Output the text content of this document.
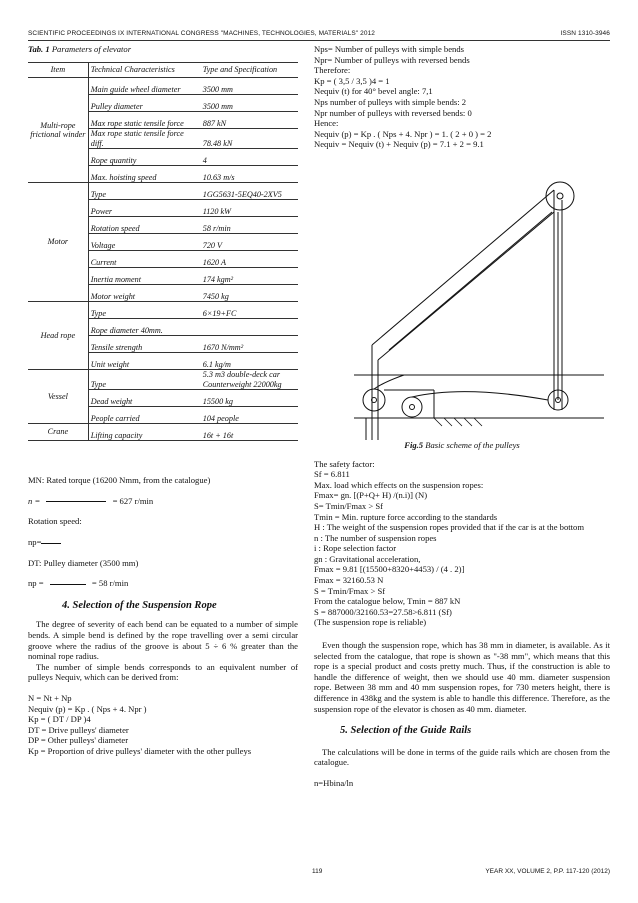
SCIENTIFIC PROCEEDINGS IX INTERNATIONAL CONGRESS "MACHINES, TECHNOLOGIES, MATERIALS" 2012	ISSN 1310-3946
Tab. 1 Parameters of elevator
Item	Technical Characteristics	Type and Specification
Multi-rope frictional winder	Main guide wheel diameter	3500 mm
	Pulley diameter	3500 mm
	Max rope static tensile force	887 kN
	Max rope static tensile force diff.	78.48 kN
	Rope quantity	4
	Max. hoisting speed	10.63 m/s
Motor	Type	1GG5631-5EQ40-2XV5
	Power	1120 kW
	Rotation speed	58 r/min
	Voltage	720 V
	Current	1620 A
	Inertia moment	174 kgm²
	Motor weight	7450 kg
Head rope	Type	6×19+FC
	Rope diameter 40mm.	
	Tensile strength	1670 N/mm²
	Unit weight	6.1 kg/m
Vessel	Type	5.3 m3 double-deck car Counterweight 22000kg
	Dead weight	15500 kg
	People carried	104 people
Crane	Lifting capacity	16t + 16t

MN: Rated torque (16200 Nmm, from the catalogue)

n =	= 627 r/min

Rotation speed:

np=

DT: Pulley diameter (3500 mm)

np =	= 58 r/min

4. Selection of the Suspension Rope

The degree of severity of each bend can be equated to a number of simple bends. A simple bend is defined by the rope travelling over a semi circular groove where the radius of the groove is about 5 ÷ 6 % greater than the nominal rope radius.

The number of simple bends corresponds to an equivalent number of pulleys Nequiv, which can be derived from:

N = Nt + Np

Nequiv (p) = Kp . ( Nps + 4. Npr )

Kp = ( DT / DP )4

DT = Drive pulleys' diameter

DP = Other pulleys' diameter

Kp = Proportion of drive pulleys' diameter with the other pulleys

Nps= Number of pulleys with simple bends

Npr= Number of pulleys with reversed bends

Therefore:

Kp = ( 3,5 / 3,5 )4 = 1

Nequiv (t) for 40° bevel angle: 7,1

Nps number of pulleys with simple bends: 2

Npr number of pulleys with reversed bends: 0

Hence:

Nequiv (p) = Kp . ( Nps + 4. Npr ) = 1. ( 2 + 0 ) = 2

Nequiv = Nequiv (t) + Nequiv (p) = 7.1 + 2 = 9.1

Fig.5 Basic scheme of the pulleys

The safety factor:

Sf = 6.811

Max. load which effects on the suspension ropes:

Fmax= gn. [(P+Q+ H) /(n.i)] (N)

S= Tmin/Fmax > Sf

Tmin = Min. rupture force according to the standards

H : The weight of the suspension ropes provided that if the car is at the bottom

n : The number of suspension ropes

i : Rope selection factor

gn : Gravitational acceleration,

Fmax = 9.81 [(15500+8320+4453) / (4 . 2)]

Fmax = 32160.53 N

S = Tmin/Fmax > Sf

From the catalogue below, Tmin = 887 kN

S = 887000/32160.53=27.58>6.811 (Sf)

(The suspension rope is reliable)

Even though the suspension rope, which has 38 mm in diameter, is available. As it selected from the catalogue, that rope is shown as "-38 mm", which means that this rope is a special product and costs pretty much. Thus, if the construction is able to handle the difference of weight, then we should use 40 mm. diameter suspension rope. Between 38 mm and 40 mm suspension ropes, for 730 meters height, there is difference in 438kg and the system is able to handle this difference. Therefore, as the suspension rope of the elevator is chosen as 40 mm. diameter.

5. Selection of the Guide Rails

The calculations will be done in terms of the guide rails which are chosen from the catalogue.

n=Hbina/ln

119	YEAR XX, VOLUME 2, P.P. 117-120 (2012)
